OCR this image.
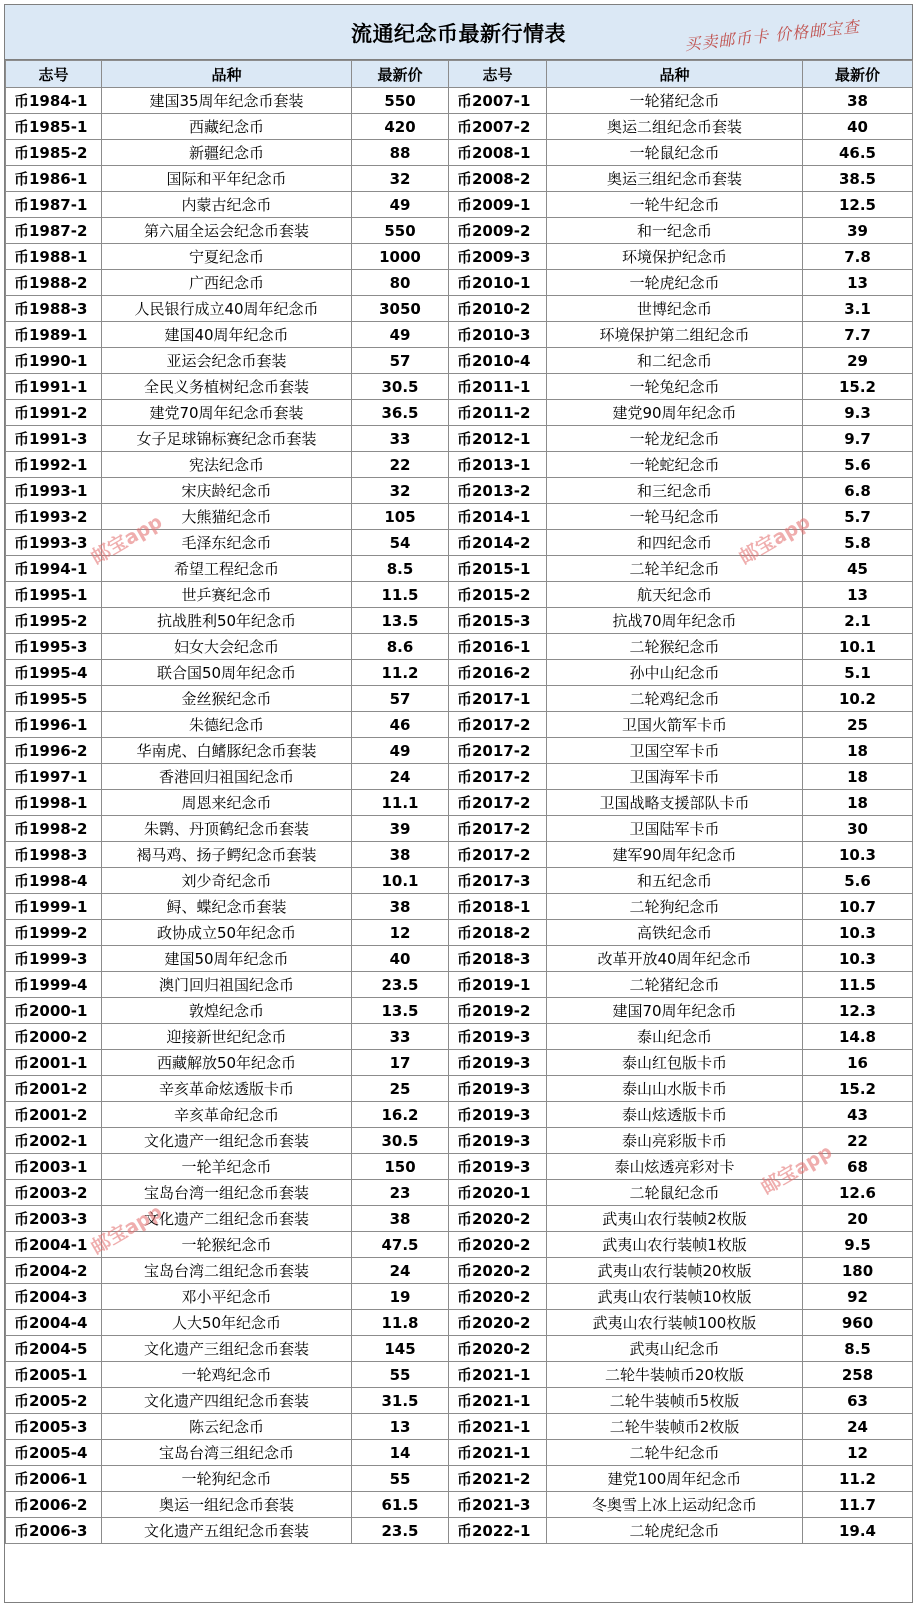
流通纪念币最新行情表	买卖邮币卡 价格邮宝查
志号	品种	最新价	志号	品种	最新价
币1984-1	建国35周年纪念币套装	550	币2007-1	一轮猪纪念币	38
币1985-1	西藏纪念币	420	币2007-2	奥运二组纪念币套装	40
币1985-2	新疆纪念币	88	币2008-1	一轮鼠纪念币	46.5
币1986-1	国际和平年纪念币	32	币2008-2	奥运三组纪念币套装	38.5
币1987-1	内蒙古纪念币	49	币2009-1	一轮牛纪念币	12.5
币1987-2	第六届全运会纪念币套装	550	币2009-2	和一纪念币	39
币1988-1	宁夏纪念币	1000	币2009-3	环境保护纪念币	7.8
币1988-2	广西纪念币	80	币2010-1	一轮虎纪念币	13
币1988-3	人民银行成立40周年纪念币	3050	币2010-2	世博纪念币	3.1
币1989-1	建国40周年纪念币	49	币2010-3	环境保护第二组纪念币	7.7
币1990-1	亚运会纪念币套装	57	币2010-4	和二纪念币	29
币1991-1	全民义务植树纪念币套装	30.5	币2011-1	一轮兔纪念币	15.2
币1991-2	建党70周年纪念币套装	36.5	币2011-2	建党90周年纪念币	9.3
币1991-3	女子足球锦标赛纪念币套装	33	币2012-1	一轮龙纪念币	9.7
币1992-1	宪法纪念币	22	币2013-1	一轮蛇纪念币	5.6
币1993-1	宋庆龄纪念币	32	币2013-2	和三纪念币	6.8
币1993-2	大熊猫纪念币	105	币2014-1	一轮马纪念币	5.7
币1993-3	毛泽东纪念币	54	币2014-2	和四纪念币	5.8
币1994-1	希望工程纪念币	8.5	币2015-1	二轮羊纪念币	45
币1995-1	世乒赛纪念币	11.5	币2015-2	航天纪念币	13
币1995-2	抗战胜利50年纪念币	13.5	币2015-3	抗战70周年纪念币	2.1
币1995-3	妇女大会纪念币	8.6	币2016-1	二轮猴纪念币	10.1
币1995-4	联合国50周年纪念币	11.2	币2016-2	孙中山纪念币	5.1
币1995-5	金丝猴纪念币	57	币2017-1	二轮鸡纪念币	10.2
币1996-1	朱德纪念币	46	币2017-2	卫国火箭军卡币	25
币1996-2	华南虎、白鳍豚纪念币套装	49	币2017-2	卫国空军卡币	18
币1997-1	香港回归祖国纪念币	24	币2017-2	卫国海军卡币	18
币1998-1	周恩来纪念币	11.1	币2017-2	卫国战略支援部队卡币	18
币1998-2	朱鹮、丹顶鹤纪念币套装	39	币2017-2	卫国陆军卡币	30
币1998-3	褐马鸡、扬子鳄纪念币套装	38	币2017-2	建军90周年纪念币	10.3
币1998-4	刘少奇纪念币	10.1	币2017-3	和五纪念币	5.6
币1999-1	鲟、蝶纪念币套装	38	币2018-1	二轮狗纪念币	10.7
币1999-2	政协成立50年纪念币	12	币2018-2	高铁纪念币	10.3
币1999-3	建国50周年纪念币	40	币2018-3	改革开放40周年纪念币	10.3
币1999-4	澳门回归祖国纪念币	23.5	币2019-1	二轮猪纪念币	11.5
币2000-1	敦煌纪念币	13.5	币2019-2	建国70周年纪念币	12.3
币2000-2	迎接新世纪纪念币	33	币2019-3	泰山纪念币	14.8
币2001-1	西藏解放50年纪念币	17	币2019-3	泰山红包版卡币	16
币2001-2	辛亥革命炫透版卡币	25	币2019-3	泰山山水版卡币	15.2
币2001-2	辛亥革命纪念币	16.2	币2019-3	泰山炫透版卡币	43
币2002-1	文化遗产一组纪念币套装	30.5	币2019-3	泰山亮彩版卡币	22
币2003-1	一轮羊纪念币	150	币2019-3	泰山炫透亮彩对卡	68
币2003-2	宝岛台湾一组纪念币套装	23	币2020-1	二轮鼠纪念币	12.6
币2003-3	文化遗产二组纪念币套装	38	币2020-2	武夷山农行装帧2枚版	20
币2004-1	一轮猴纪念币	47.5	币2020-2	武夷山农行装帧1枚版	9.5
币2004-2	宝岛台湾二组纪念币套装	24	币2020-2	武夷山农行装帧20枚版	180
币2004-3	邓小平纪念币	19	币2020-2	武夷山农行装帧10枚版	92
币2004-4	人大50年纪念币	11.8	币2020-2	武夷山农行装帧100枚版	960
币2004-5	文化遗产三组纪念币套装	145	币2020-2	武夷山纪念币	8.5
币2005-1	一轮鸡纪念币	55	币2021-1	二轮牛装帧币20枚版	258
币2005-2	文化遗产四组纪念币套装	31.5	币2021-1	二轮牛装帧币5枚版	63
币2005-3	陈云纪念币	13	币2021-1	二轮牛装帧币2枚版	24
币2005-4	宝岛台湾三组纪念币	14	币2021-1	二轮牛纪念币	12
币2006-1	一轮狗纪念币	55	币2021-2	建党100周年纪念币	11.2
币2006-2	奥运一组纪念币套装	61.5	币2021-3	冬奥雪上冰上运动纪念币	11.7
币2006-3	文化遗产五组纪念币套装	23.5	币2022-1	二轮虎纪念币	19.4
邮宝app	邮宝app
邮宝app
邮宝app
